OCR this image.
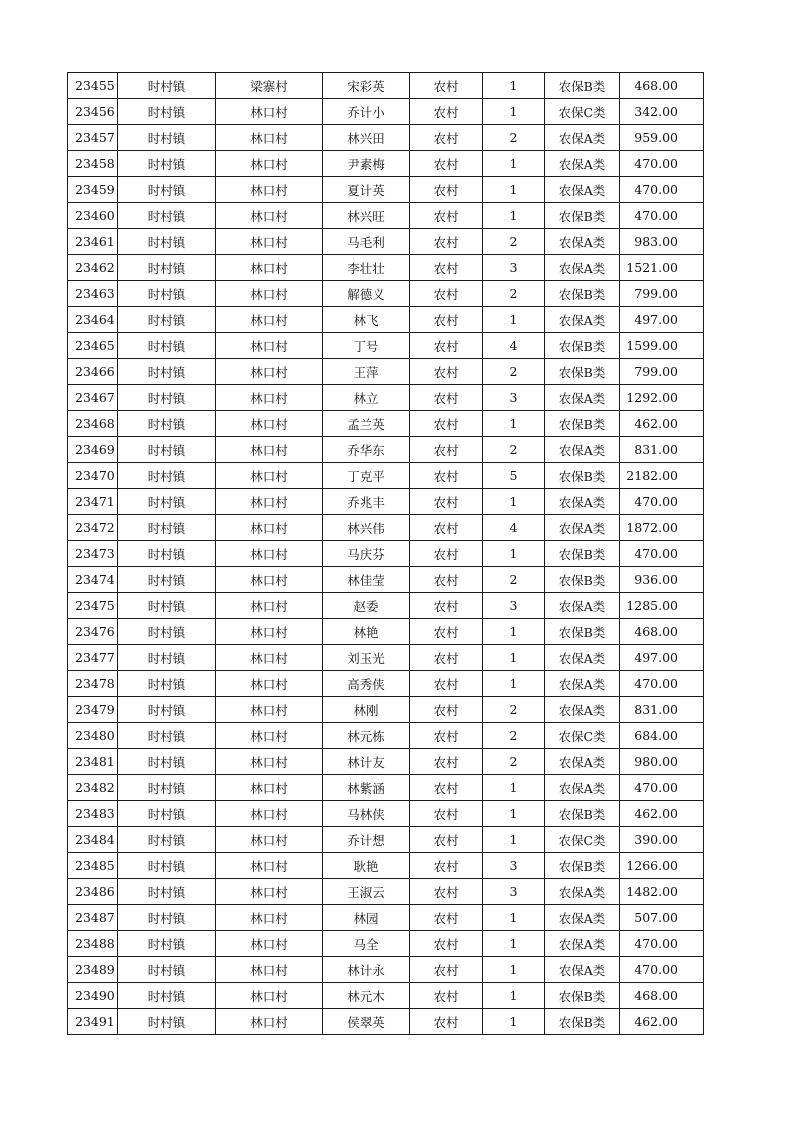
23455	时村镇	梁寨村	宋彩英	农村	1	农保B类	468.00
23456	时村镇	林口村	乔计小	农村	1	农保C类	342.00
23457	时村镇	林口村	林兴田	农村	2	农保A类	959.00
23458	时村镇	林口村	尹素梅	农村	1	农保A类	470.00
23459	时村镇	林口村	夏计英	农村	1	农保A类	470.00
23460	时村镇	林口村	林兴旺	农村	1	农保B类	470.00
23461	时村镇	林口村	马毛利	农村	2	农保A类	983.00
23462	时村镇	林口村	李壮壮	农村	3	农保A类	1521.00
23463	时村镇	林口村	解德义	农村	2	农保B类	799.00
23464	时村镇	林口村	林飞	农村	1	农保A类	497.00
23465	时村镇	林口村	丁号	农村	4	农保B类	1599.00
23466	时村镇	林口村	王萍	农村	2	农保B类	799.00
23467	时村镇	林口村	林立	农村	3	农保A类	1292.00
23468	时村镇	林口村	孟兰英	农村	1	农保B类	462.00
23469	时村镇	林口村	乔华东	农村	2	农保A类	831.00
23470	时村镇	林口村	丁克平	农村	5	农保B类	2182.00
23471	时村镇	林口村	乔兆丰	农村	1	农保A类	470.00
23472	时村镇	林口村	林兴伟	农村	4	农保A类	1872.00
23473	时村镇	林口村	马庆芬	农村	1	农保B类	470.00
23474	时村镇	林口村	林佳莹	农村	2	农保B类	936.00
23475	时村镇	林口村	赵委	农村	3	农保A类	1285.00
23476	时村镇	林口村	林艳	农村	1	农保B类	468.00
23477	时村镇	林口村	刘玉光	农村	1	农保A类	497.00
23478	时村镇	林口村	高秀侠	农村	1	农保A类	470.00
23479	时村镇	林口村	林刚	农村	2	农保A类	831.00
23480	时村镇	林口村	林元栋	农村	2	农保C类	684.00
23481	时村镇	林口村	林计友	农村	2	农保A类	980.00
23482	时村镇	林口村	林紫涵	农村	1	农保A类	470.00
23483	时村镇	林口村	马林侠	农村	1	农保B类	462.00
23484	时村镇	林口村	乔计想	农村	1	农保C类	390.00
23485	时村镇	林口村	耿艳	农村	3	农保B类	1266.00
23486	时村镇	林口村	王淑云	农村	3	农保A类	1482.00
23487	时村镇	林口村	林园	农村	1	农保A类	507.00
23488	时村镇	林口村	马全	农村	1	农保A类	470.00
23489	时村镇	林口村	林计永	农村	1	农保A类	470.00
23490	时村镇	林口村	林元木	农村	1	农保B类	468.00
23491	时村镇	林口村	侯翠英	农村	1	农保B类	462.00
